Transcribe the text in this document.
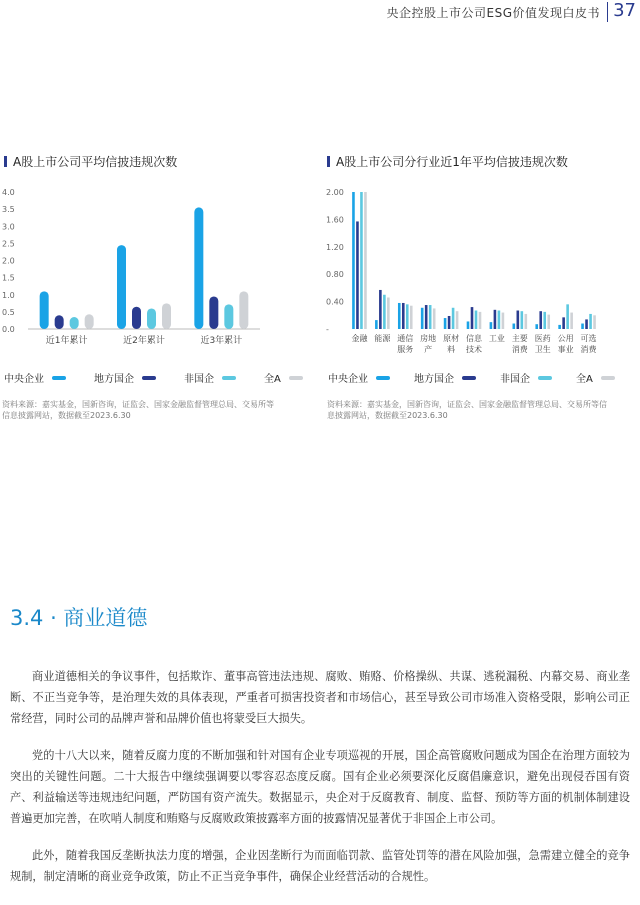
央企控股上市公司ESG价值发现白皮书 37
A股上市公司平均信披违规次数
4.0
3.5
3.0
2.5
2.0
1.5
1.0
0.5
0.0
近1年累计	近2年累计	近3年累计
中央企业	地方国企	非国企	全A
资料来源：嘉实基金，国新咨询，证监会、国家金融监督管理总局、交易所等信息披露网站，数据截至2023.6.30
A股上市公司分行业近1年平均信披违规次数
2.00
1.60
1.20
0.80
0.40
-
金融 能源 通信服务
房地产
原材料
信息技术
工业 主要消费
医药卫生
公用事业
可选消费
中央企业	地方国企	非国企	全A
资料来源：嘉实基金，国新咨询，证监会、国家金融监督管理总局、交易所等信息披露网站，数据截至2023.6.30
3.4 · 商业道德

商业道德相关的争议事件，包括欺诈、董事高管违法违规、腐败、贿赂、价格操纵、共谋、逃税漏税、内幕交易、商业垄断、不正当竞争等，是治理失效的具体表现，严重者可损害投资者和市场信心，甚至导致公司市场准入资格受限，影响公司正常经营，同时公司的品牌声誉和品牌价值也将蒙受巨大损失。

党的十八大以来，随着反腐力度的不断加强和针对国有企业专项巡视的开展，国企高管腐败问题成为国企在治理方面较为突出的关键性问题。二十大报告中继续强调要以零容忍态度反腐。国有企业必须要深化反腐倡廉意识，避免出现侵吞国有资产、利益输送等违规违纪问题，严防国有资产流失。数据显示，央企对于反腐教育、制度、监督、预防等方面的机制体制建设普遍更加完善，在吹哨人制度和贿赂与反腐败政策披露率方面的披露情况显著优于非国企上市公司。

此外，随着我国反垄断执法力度的增强，企业因垄断行为而面临罚款、监管处罚等的潜在风险加强，急需建立健全的竞争规制，制定清晰的商业竞争政策，防止不正当竞争事件，确保企业经营活动的合规性。
